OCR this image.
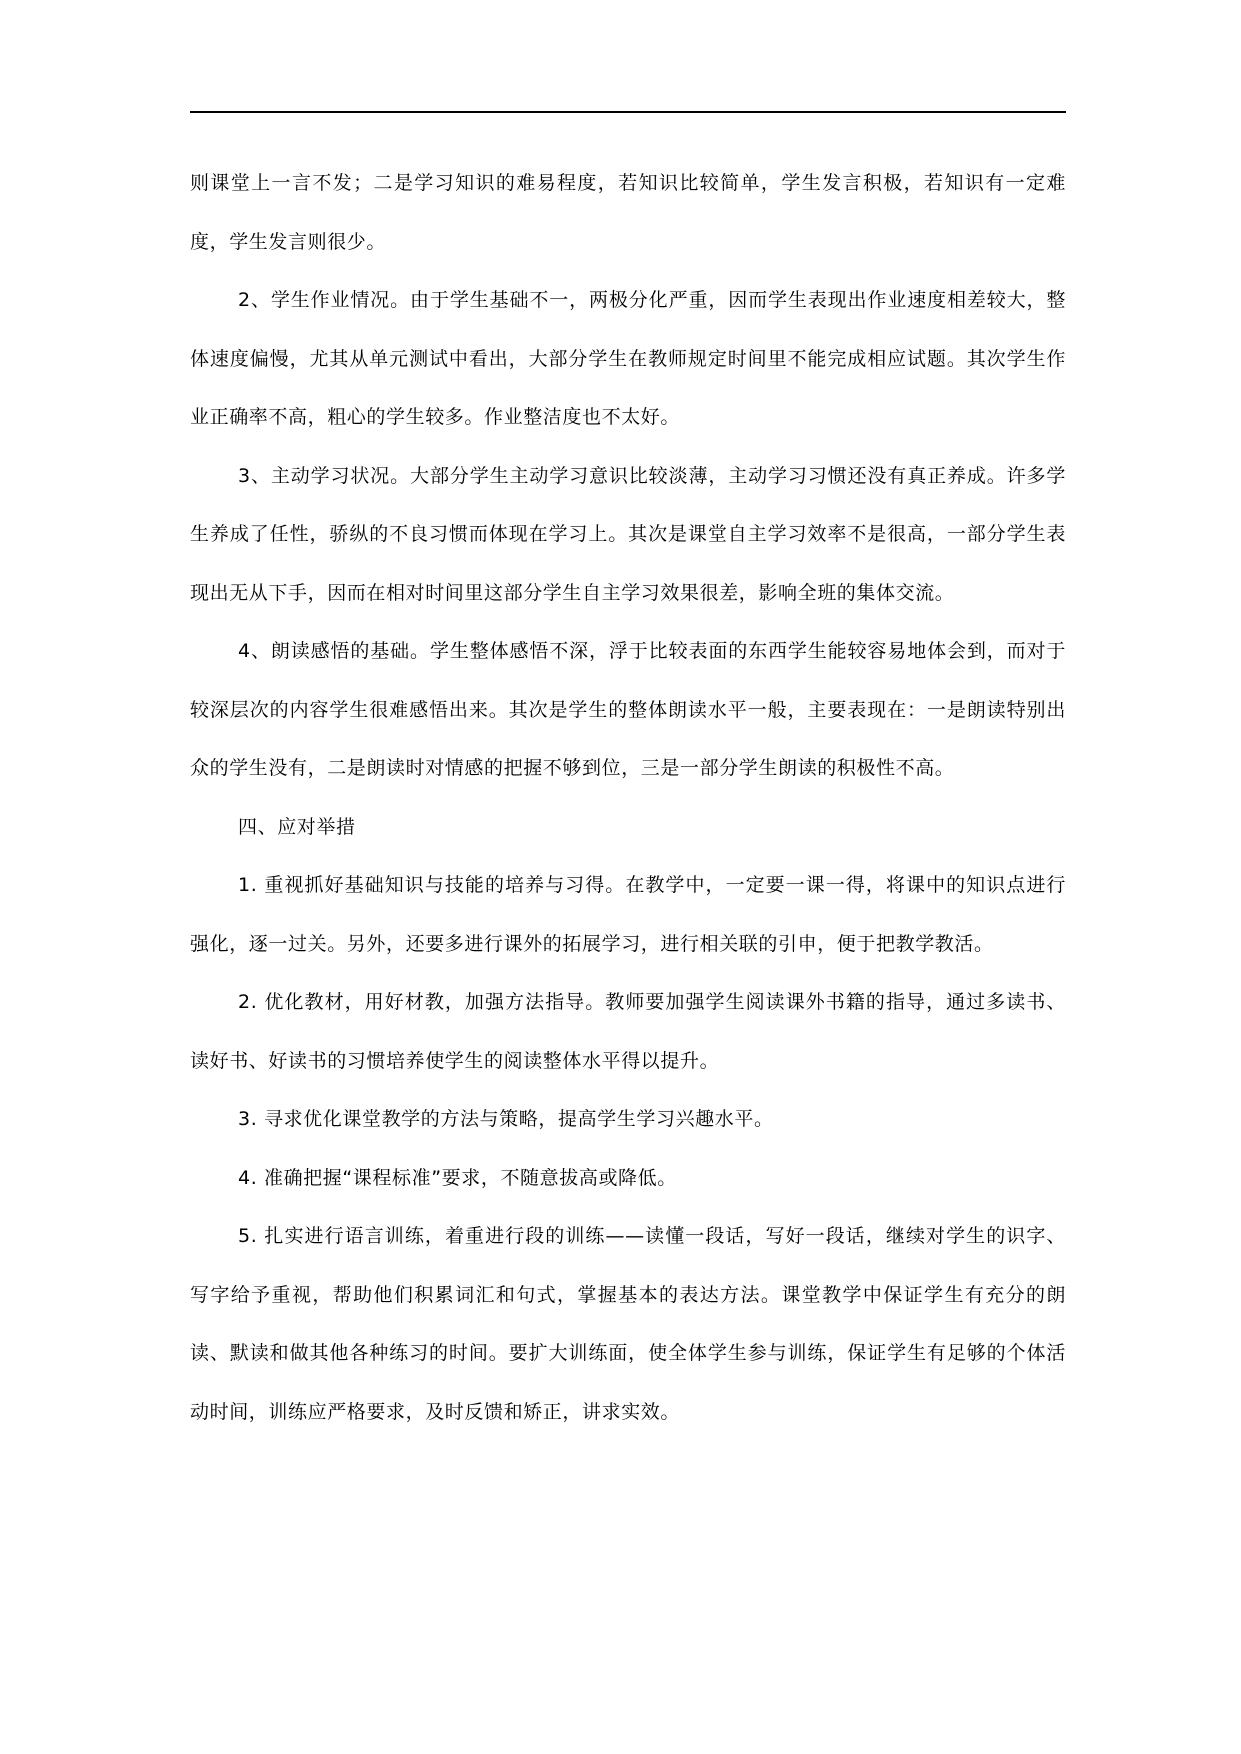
则课堂上一言不发；二是学习知识的难易程度，若知识比较简单，学生发言积极，若知识有一定难度，学生发言则很少。

2、学生作业情况。由于学生基础不一，两极分化严重，因而学生表现出作业速度相差较大，整体速度偏慢，尤其从单元测试中看出，大部分学生在教师规定时间里不能完成相应试题。其次学生作业正确率不高，粗心的学生较多。作业整洁度也不太好。

3、主动学习状况。大部分学生主动学习意识比较淡薄，主动学习习惯还没有真正养成。许多学生养成了任性，骄纵的不良习惯而体现在学习上。其次是课堂自主学习效率不是很高，一部分学生表现出无从下手，因而在相对时间里这部分学生自主学习效果很差，影响全班的集体交流。

4、朗读感悟的基础。学生整体感悟不深，浮于比较表面的东西学生能较容易地体会到，而对于较深层次的内容学生很难感悟出来。其次是学生的整体朗读水平一般，主要表现在：一是朗读特别出众的学生没有，二是朗读时对情感的把握不够到位，三是一部分学生朗读的积极性不高。

四、应对举措

1. 重视抓好基础知识与技能的培养与习得。在教学中，一定要一课一得，将课中的知识点进行强化，逐一过关。另外，还要多进行课外的拓展学习，进行相关联的引申，便于把教学教活。

2. 优化教材，用好材教，加强方法指导。教师要加强学生阅读课外书籍的指导，通过多读书、读好书、好读书的习惯培养使学生的阅读整体水平得以提升。

3. 寻求优化课堂教学的方法与策略，提高学生学习兴趣水平。

4. 准确把握“课程标准”要求，不随意拔高或降低。

5. 扎实进行语言训练，着重进行段的训练——读懂一段话，写好一段话，继续对学生的识字、写字给予重视，帮助他们积累词汇和句式，掌握基本的表达方法。课堂教学中保证学生有充分的朗读、默读和做其他各种练习的时间。要扩大训练面，使全体学生参与训练，保证学生有足够的个体活动时间，训练应严格要求，及时反馈和矫正，讲求实效。
